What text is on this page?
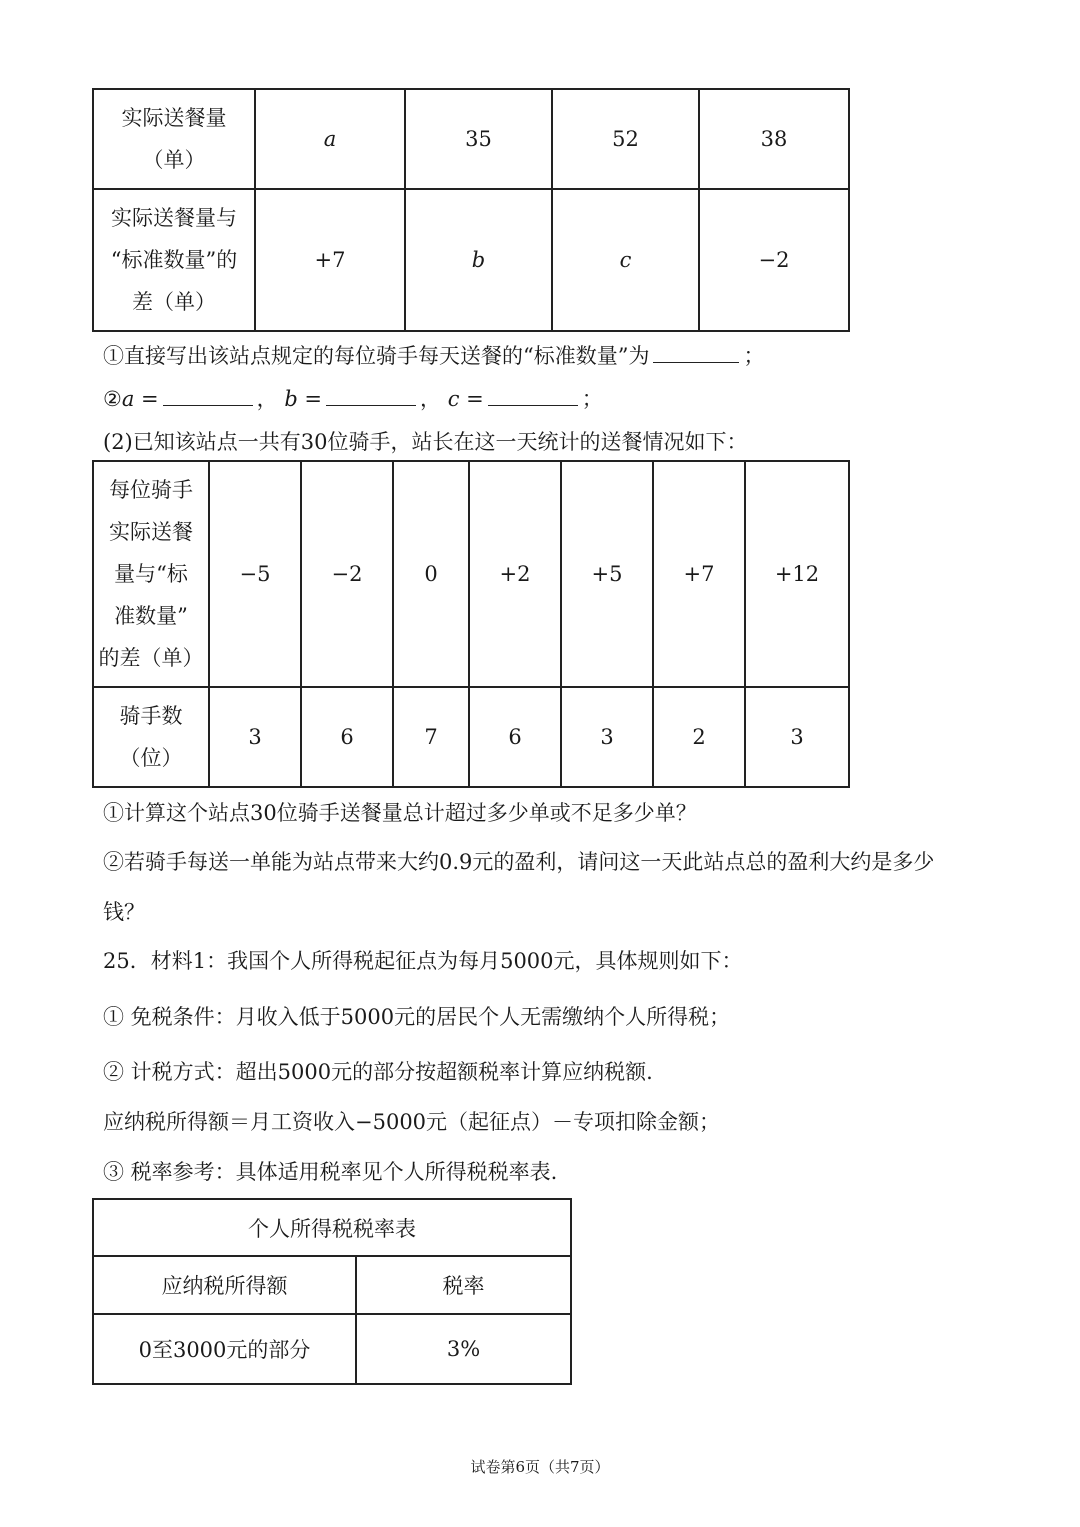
实际送餐量
（单）	a	35	52	38

实际送餐量与
“标准数量”的
差（单）	+7	b	c	−2
①直接写出该站点规定的每位骑手每天送餐的“标准数量”为	；
②a =	， b =	， c =	；
(2)已知该站点一共有30位骑手，站长在这一天统计的送餐情况如下：
每位骑手
实际送餐
量与“标
准数量”
的差（单）	−5	−2	0	+2	+5	+7	+12

骑手数
（位）	3	6	7	6	3	2	3
①计算这个站点30位骑手送餐量总计超过多少单或不足多少单？
②若骑手每送一单能为站点带来大约0.9元的盈利，请问这一天此站点总的盈利大约是多少
钱？
25．材料1：我国个人所得税起征点为每月5000元，具体规则如下：
① 免税条件：月收入低于5000元的居民个人无需缴纳个人所得税；
② 计税方式：超出5000元的部分按超额税率计算应纳税额.
应纳税所得额＝月工资收入−5000元（起征点）－专项扣除金额；
③ 税率参考：具体适用税率见个人所得税税率表.
个人所得税税率表	
应纳税所得额	税率
0至3000元的部分	3%
试卷第6页（共7页）
